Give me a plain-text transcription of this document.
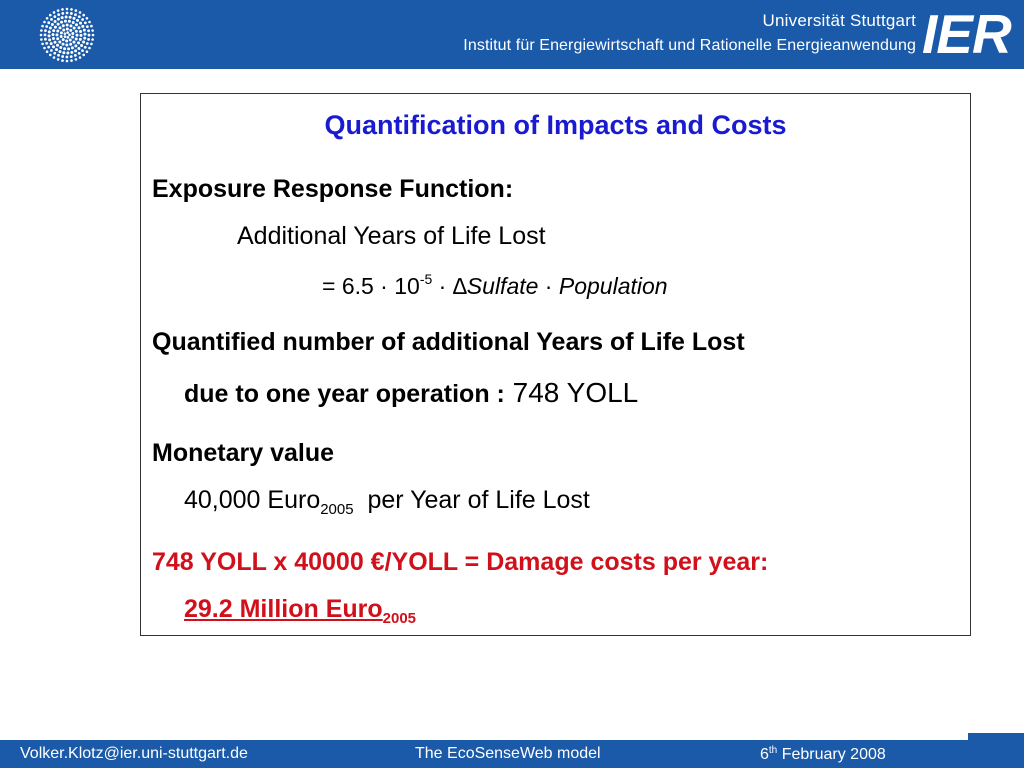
Universität Stuttgart
Institut für Energiewirtschaft und Rationelle Energieanwendung IER
Quantification of Impacts and Costs
Exposure Response Function:
Additional Years of Life Lost
= $6.5 \cdot 10^{-5}$ · ∆Sulfate · Population
Quantified number of additional Years of Life Lost
due to one year operation : 748 YOLL
Monetary value
40,000 Euro$_{2005}$  per Year of Life Lost
748 YOLL x 40000 €/YOLL = Damage costs per year:
29.2 Million Euro$_{2005}$
Volker.Klotz@ier.uni-stuttgart.de	The EcoSenseWeb model	6th February 2008
